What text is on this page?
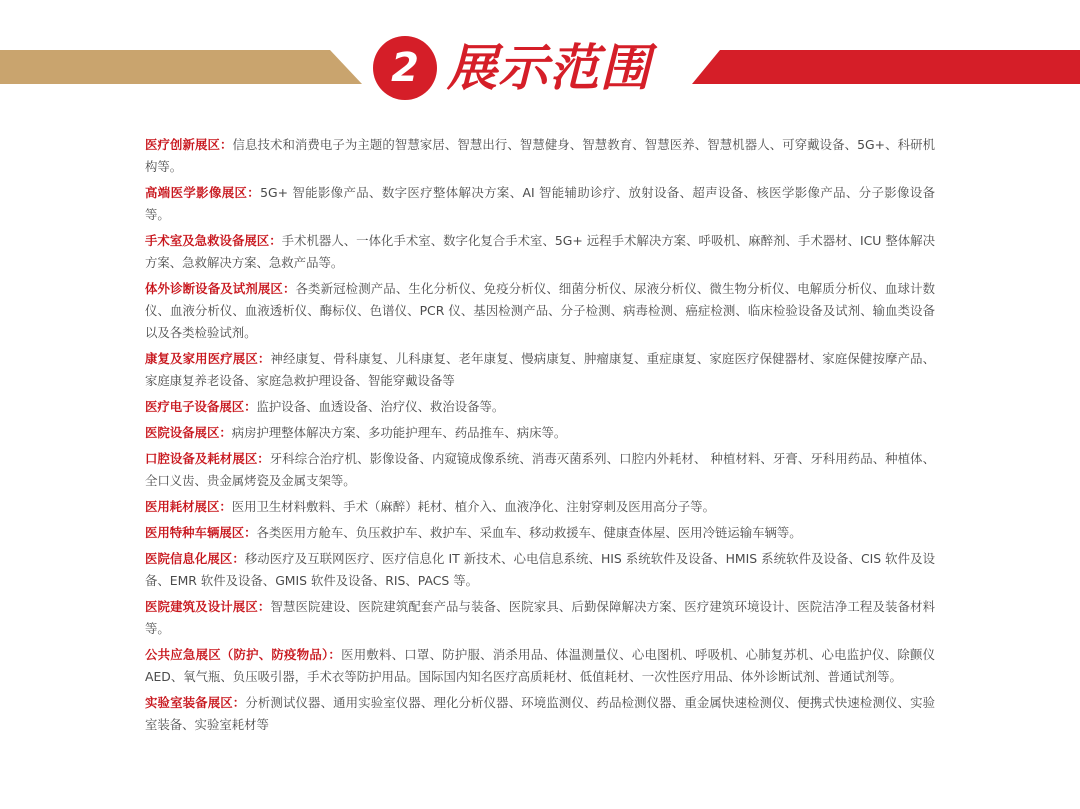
2 展示范围

医疗创新展区：信息技术和消费电子为主题的智慧家居、智慧出行、智慧健身、智慧教育、智慧医养、智慧机器人、可穿戴设备、5G+、科研机构等。

高端医学影像展区：5G+ 智能影像产品、数字医疗整体解决方案、AI 智能辅助诊疗、放射设备、超声设备、核医学影像产品、分子影像设备等。

手术室及急救设备展区：手术机器人、一体化手术室、数字化复合手术室、5G+ 远程手术解决方案、呼吸机、麻醉剂、手术器材、ICU 整体解决方案、急救解决方案、急救产品等。

体外诊断设备及试剂展区：各类新冠检测产品、生化分析仪、免疫分析仪、细菌分析仪、尿液分析仪、微生物分析仪、电解质分析仪、血球计数仪、血液分析仪、血液透析仪、酶标仪、色谱仪、PCR 仪、基因检测产品、分子检测、病毒检测、癌症检测、临床检验设备及试剂、输血类设备以及各类检验试剂。

康复及家用医疗展区：神经康复、骨科康复、儿科康复、老年康复、慢病康复、肿瘤康复、重症康复、家庭医疗保健器材、家庭保健按摩产品、家庭康复养老设备、家庭急救护理设备、智能穿戴设备等

医疗电子设备展区：监护设备、血透设备、治疗仪、救治设备等。

医院设备展区：病房护理整体解决方案、多功能护理车、药品推车、病床等。

口腔设备及耗材展区：牙科综合治疗机、影像设备、内窥镜成像系统、消毒灭菌系列、口腔内外耗材、 种植材料、牙膏、牙科用药品、种植体、全口义齿、贵金属烤瓷及金属支架等。

医用耗材展区：医用卫生材料敷料、手术（麻醉）耗材、植介入、血液净化、注射穿刺及医用高分子等。

医用特种车辆展区：各类医用方舱车、负压救护车、救护车、采血车、移动救援车、健康查体屋、医用冷链运输车辆等。

医院信息化展区：移动医疗及互联网医疗、医疗信息化 IT 新技术、心电信息系统、HIS 系统软件及设备、HMIS 系统软件及设备、CIS 软件及设备、EMR 软件及设备、GMIS 软件及设备、RIS、PACS 等。

医院建筑及设计展区：智慧医院建设、医院建筑配套产品与装备、医院家具、后勤保障解决方案、医疗建筑环境设计、医院洁净工程及装备材料等。

公共应急展区（防护、防疫物品）：医用敷料、口罩、防护服、消杀用品、体温测量仪、心电图机、呼吸机、心肺复苏机、心电监护仪、除颤仪 AED、氧气瓶、负压吸引器，手术衣等防护用品。国际国内知名医疗高质耗材、低值耗材、一次性医疗用品、体外诊断试剂、普通试剂等。

实验室装备展区：分析测试仪器、通用实验室仪器、理化分析仪器、环境监测仪、药品检测仪器、重金属快速检测仪、便携式快速检测仪、实验室装备、实验室耗材等
